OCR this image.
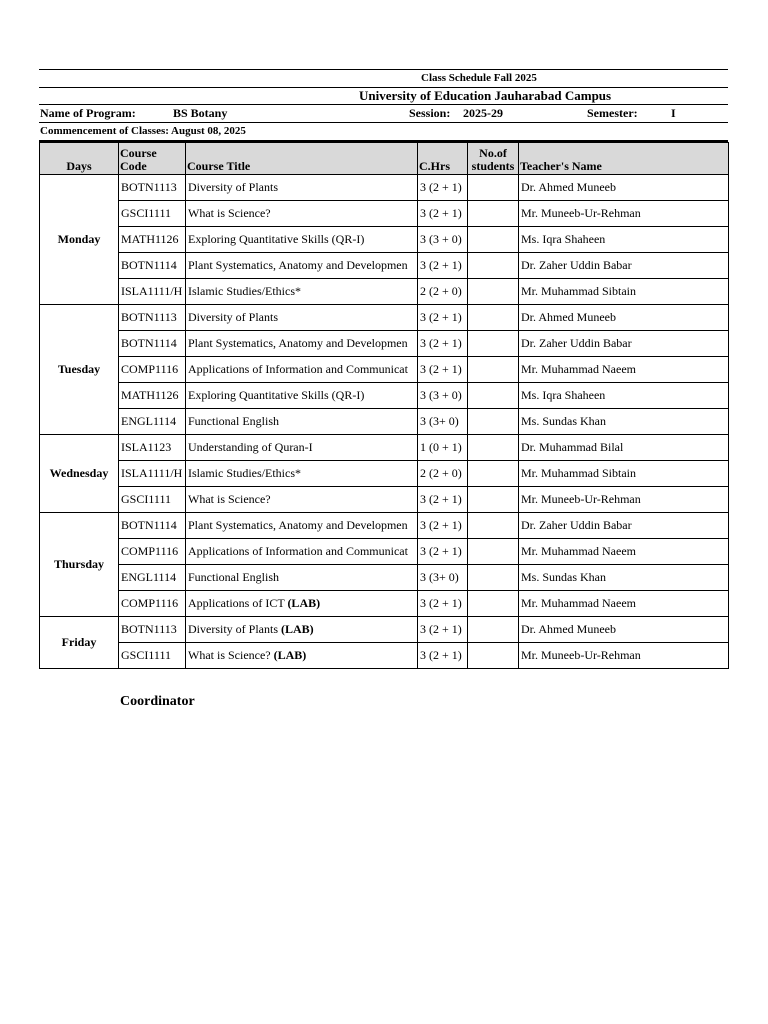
Class Schedule Fall 2025
University of Education Jauharabad Campus
Name of Program:	BS Botany	Session: 2025-29	Semester:	I
Commencement of Classes: August 08, 2025
Days	Course Code	Course Title	C.Hrs	No.of students	Teacher's Name
Monday	BOTN1113	Diversity of Plants	3 (2 + 1)		Dr. Ahmed Muneeb
	GSCI1111	What is Science?	3 (2 + 1)		Mr. Muneeb-Ur-Rehman
	MATH1126	Exploring Quantitative Skills (QR-I)	3 (3 + 0)		Ms. Iqra Shaheen
	BOTN1114	Plant Systematics, Anatomy and Developmen	3 (2 + 1)		Dr. Zaher Uddin Babar
	ISLA1111/H	Islamic Studies/Ethics*	2 (2 + 0)		Mr. Muhammad Sibtain
Tuesday	BOTN1113	Diversity of Plants	3 (2 + 1)		Dr. Ahmed Muneeb
	BOTN1114	Plant Systematics, Anatomy and Developmen	3 (2 + 1)		Dr. Zaher Uddin Babar
	COMP1116	Applications of Information and Communicat	3 (2 + 1)		Mr. Muhammad Naeem
	MATH1126	Exploring Quantitative Skills (QR-I)	3 (3 + 0)		Ms. Iqra Shaheen
	ENGL1114	Functional English	3 (3+ 0)		Ms. Sundas Khan
Wednesday	ISLA1123	Understanding of Quran-I	1 (0 + 1)		Dr. Muhammad Bilal
	ISLA1111/H	Islamic Studies/Ethics*	2 (2 + 0)		Mr. Muhammad Sibtain
	GSCI1111	What is Science?	3 (2 + 1)		Mr. Muneeb-Ur-Rehman
Thursday	BOTN1114	Plant Systematics, Anatomy and Developmen	3 (2 + 1)		Dr. Zaher Uddin Babar
	COMP1116	Applications of Information and Communicat	3 (2 + 1)		Mr. Muhammad Naeem
	ENGL1114	Functional English	3 (3+ 0)		Ms. Sundas Khan
	COMP1116	Applications of ICT (LAB)	3 (2 + 1)		Mr. Muhammad Naeem
Friday	BOTN1113	Diversity of Plants (LAB)	3 (2 + 1)		Dr. Ahmed Muneeb
	GSCI1111	What is Science? (LAB)	3 (2 + 1)		Mr. Muneeb-Ur-Rehman
Coordinator
